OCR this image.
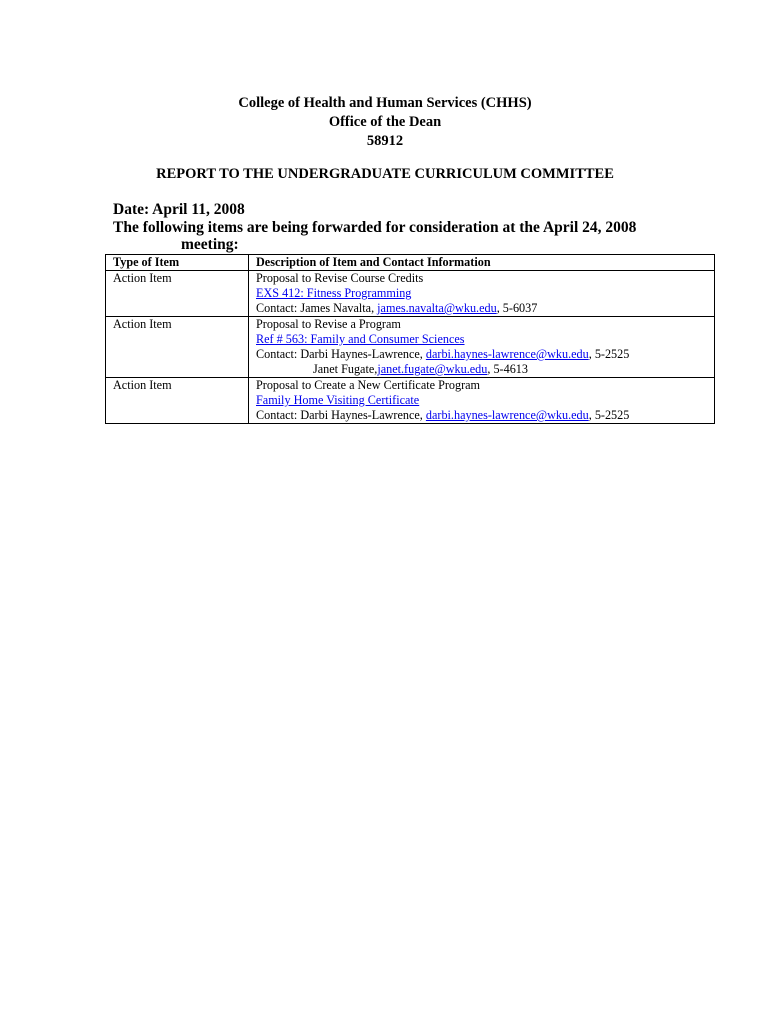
College of Health and Human Services (CHHS)
Office of the Dean
58912
REPORT TO THE UNDERGRADUATE CURRICULUM COMMITTEE
Date: April 11, 2008
The following items are being forwarded for consideration at the April 24, 2008
meeting:
Type of Item	Description of Item and Contact Information
Action Item	Proposal to Revise Course Credits
EXS 412: Fitness Programming
Contact: James Navalta, james.navalta@wku.edu, 5-6037

Action Item	Proposal to Revise a Program
Ref # 563: Family and Consumer Sciences
Contact: Darbi Haynes-Lawrence, darbi.haynes-lawrence@wku.edu, 5-2525
Janet Fugate,janet.fugate@wku.edu, 5-4613

Action Item	Proposal to Create a New Certificate Program
Family Home Visiting Certificate
Contact: Darbi Haynes-Lawrence, darbi.haynes-lawrence@wku.edu, 5-2525
